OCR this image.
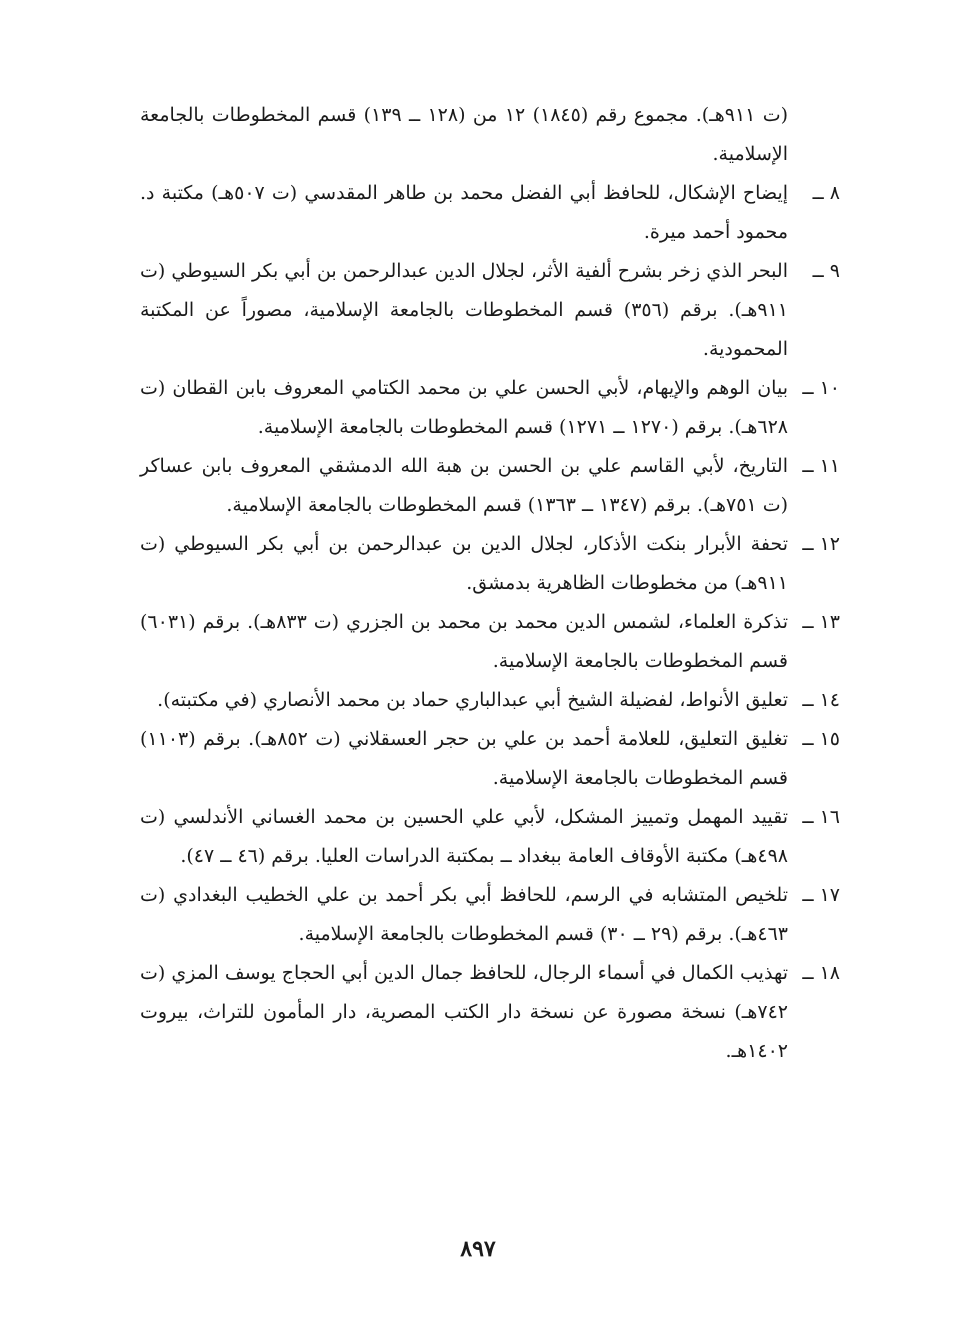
(ت ٩١١هـ). مجموع رقم (١٨٤٥) ١٢ من (١٢٨ ــ ١٣٩) قسم المخطوطات بالجامعة الإسلامية.

٨ ــ
إيضاح الإشكال، للحافظ أبي الفضل محمد بن طاهر المقدسي (ت ٥٠٧هـ) مكتبة د. محمود أحمد ميرة.
٩ ــ
البحر الذي زخر بشرح ألفية الأثر، لجلال الدين عبدالرحمن بن أبي بكر السيوطي (ت ٩١١هـ). برقم (٣٥٦) قسم المخطوطات بالجامعة الإسلامية، مصوراً عن المكتبة المحمودية.
١٠ ــ
بيان الوهم والإيهام، لأبي الحسن علي بن محمد الكتامي المعروف بابن القطان (ت ٦٢٨هـ). برقم (١٢٧٠ ــ ١٢٧١) قسم المخطوطات بالجامعة الإسلامية.
١١ ــ
التاريخ، لأبي القاسم علي بن الحسن بن هبة الله الدمشقي المعروف بابن عساكر (ت ٧٥١هـ). برقم (١٣٤٧ ــ ١٣٦٣) قسم المخطوطات بالجامعة الإسلامية.
١٢ ــ
تحفة الأبرار بنكت الأذكار، لجلال الدين بن عبدالرحمن بن أبي بكر السيوطي (ت ٩١١هـ) من مخطوطات الظاهرية بدمشق.
١٣ ــ
تذكرة العلماء، لشمس الدين محمد بن محمد بن الجزري (ت ٨٣٣هـ). برقم (٦٠٣١) قسم المخطوطات بالجامعة الإسلامية.
١٤ ــ
تعليق الأنواط، لفضيلة الشيخ أبي عبدالباري حماد بن محمد الأنصاري (في مكتبته).
١٥ ــ
تغليق التعليق، للعلامة أحمد بن علي بن حجر العسقلاني (ت ٨٥٢هـ). برقم (١١٠٣) قسم المخطوطات بالجامعة الإسلامية.
١٦ ــ
تقييد المهمل وتمييز المشكل، لأبي علي الحسين بن محمد الغساني الأندلسي (ت ٤٩٨هـ) مكتبة الأوقاف العامة ببغداد ــ بمكتبة الدراسات العليا. برقم (٤٦ ــ ٤٧).
١٧ ــ
تلخيص المتشابه في الرسم، للحافظ أبي بكر أحمد بن علي الخطيب البغدادي (ت ٤٦٣هـ). برقم (٢٩ ــ ٣٠) قسم المخطوطات بالجامعة الإسلامية.
١٨ ــ
تهذيب الكمال في أسماء الرجال، للحافظ جمال الدين أبي الحجاج يوسف المزي (ت ٧٤٢هـ) نسخة مصورة عن نسخة دار الكتب المصرية، دار المأمون للتراث، بيروت ١٤٠٢هـ.
٨٩٧
